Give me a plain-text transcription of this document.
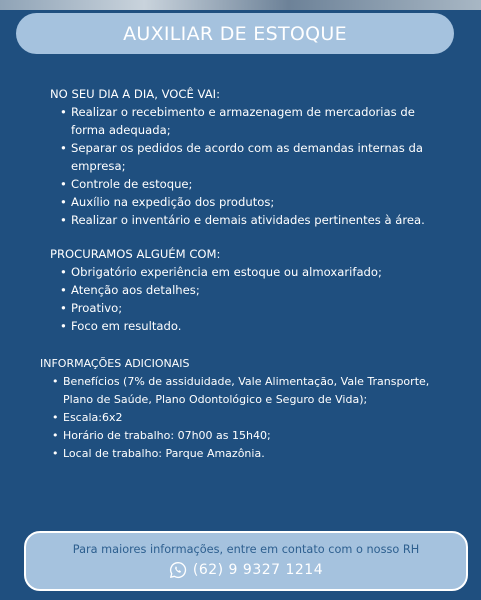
AUXILIAR DE ESTOQUE
NO SEU DIA A DIA, VOCÊ VAI:
• Realizar o recebimento e armazenagem de mercadorias de forma adequada;
• Separar os pedidos de acordo com as demandas internas da empresa;
• Controle de estoque;
• Auxílio na expedição dos produtos;
• Realizar o inventário e demais atividades pertinentes à área.
PROCURAMOS ALGUÉM COM:
• Obrigatório experiência em estoque ou almoxarifado;
• Atenção aos detalhes;
• Proativo;
• Foco em resultado.
INFORMAÇÕES ADICIONAIS
• Benefícios (7% de assiduidade, Vale Alimentação, Vale Transporte, Plano de Saúde, Plano Odontológico e Seguro de Vida);
• Escala:6x2
• Horário de trabalho: 07h00 as 15h40;
• Local de trabalho: Parque Amazônia.
Para maiores informações, entre em contato com o nosso RH
(62) 9 9327 1214
